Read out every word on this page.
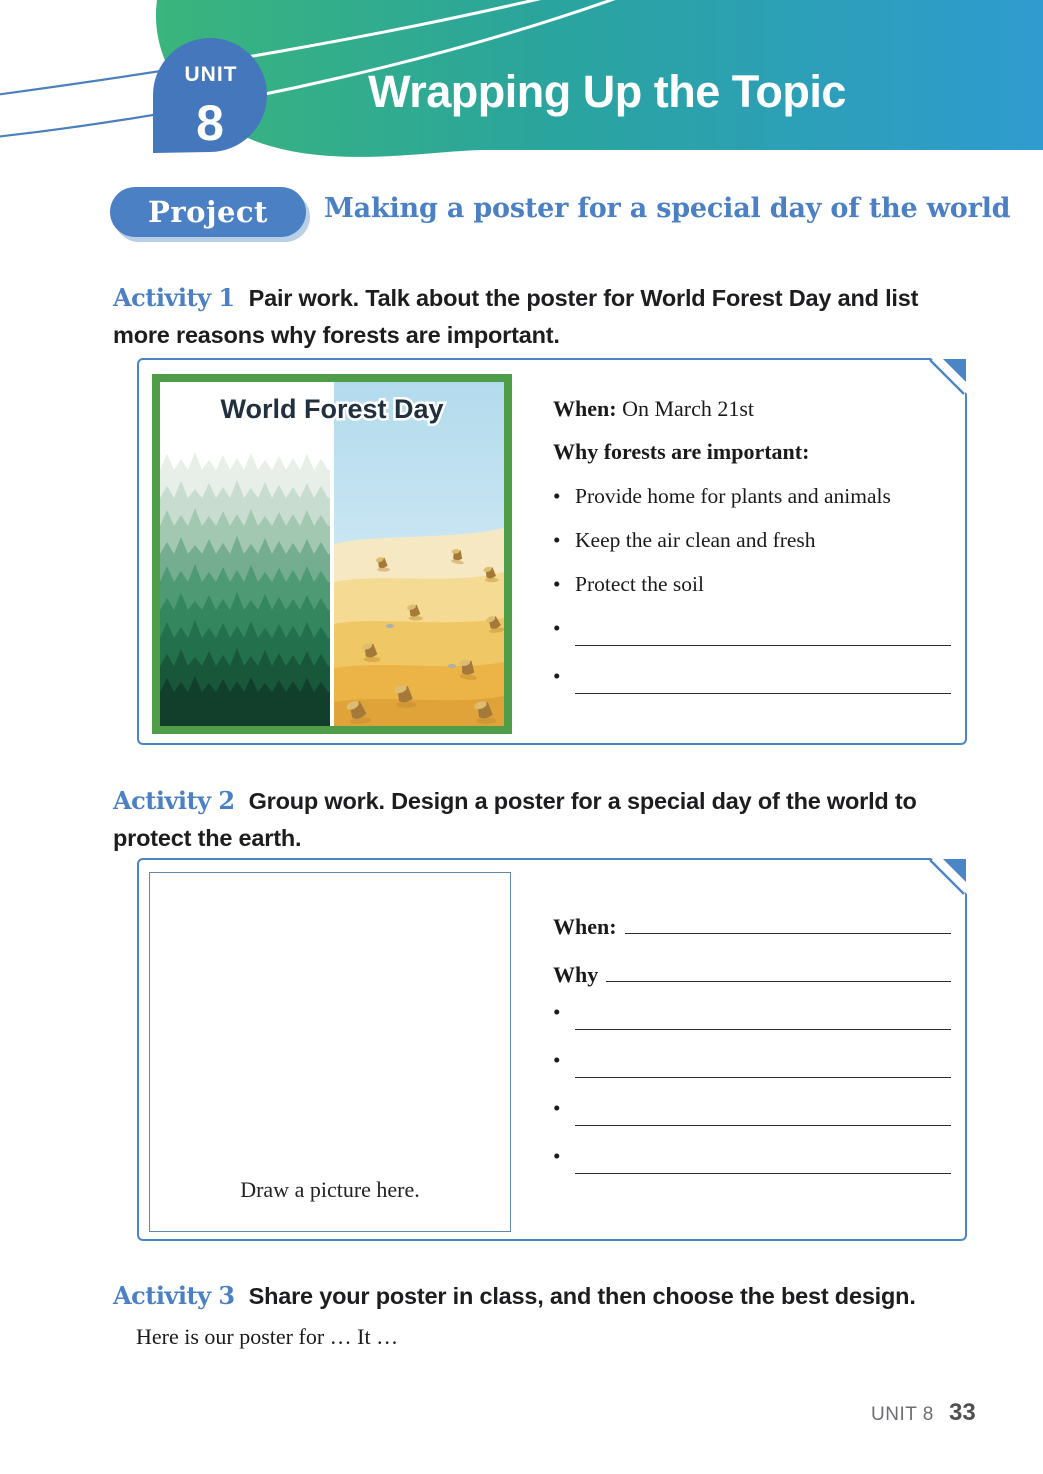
UNIT
8
Wrapping Up the Topic
Project Making a poster for a special day of the world
Activity 1 Pair work. Talk about the poster for World Forest Day and list more reasons why forests are important.
World Forest Day	When: On March 21st
Why forests are important:
• Provide home for plants and animals
• Keep the air clean and fresh
• Protect the soil
•
•
Activity 2 Group work. Design a poster for a special day of the world to protect the earth.
Draw a picture here.
When:
Why
•
•
•
•
Activity 3 Share your poster in class, and then choose the best design.
Here is our poster for … It …
UNIT 8 33
